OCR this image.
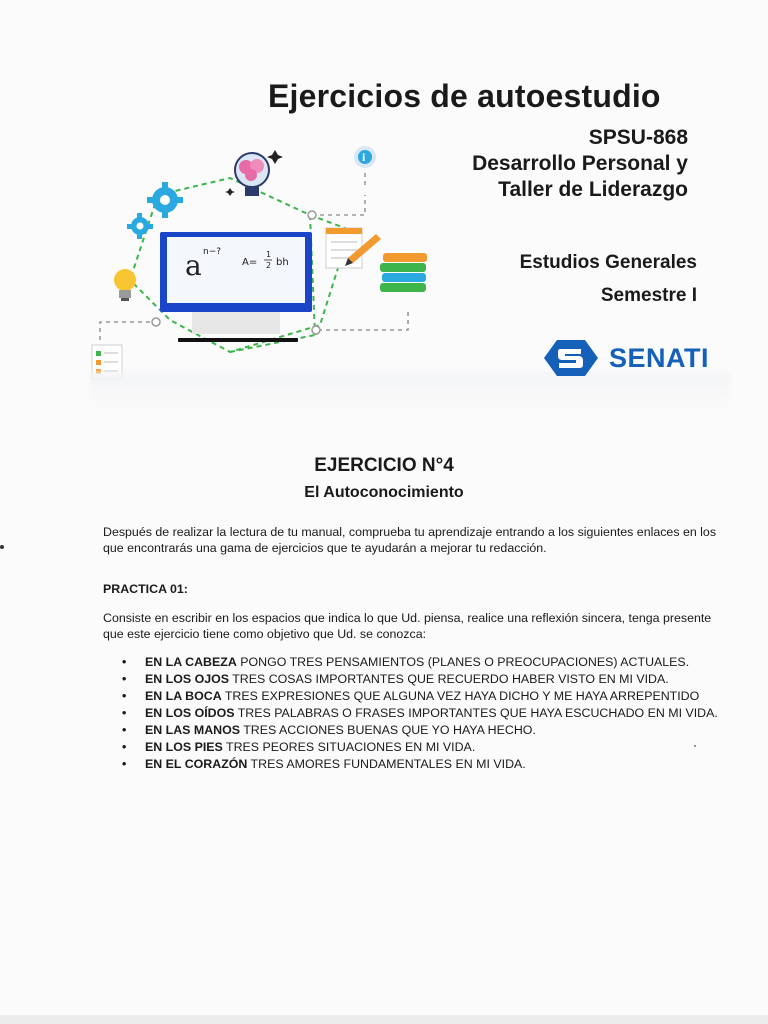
a n−?
A=
1
2 bh
i
Ejercicios de autoestudio
SPSU-868
Desarrollo Personal y
Taller de Liderazgo
Estudios Generales
Semestre I
SENATI
EJERCICIO N°4
El Autoconocimiento
Después de realizar la lectura de tu manual, comprueba tu aprendizaje entrando a los siguientes enlaces en los que encontrarás una gama de ejercicios que te ayudarán a mejorar tu redacción.
PRACTICA 01:
Consiste en escribir en los espacios que indica lo que Ud. piensa, realice una reflexión sincera, tenga presente que este ejercicio tiene como objetivo que Ud. se conozca:
• EN LA CABEZA PONGO TRES PENSAMIENTOS (PLANES O PREOCUPACIONES) ACTUALES.
• EN LOS OJOS TRES COSAS IMPORTANTES QUE RECUERDO HABER VISTO EN MI VIDA.
• EN LA BOCA TRES EXPRESIONES QUE ALGUNA VEZ HAYA DICHO Y ME HAYA ARREPENTIDO
• EN LOS OÍDOS TRES PALABRAS O FRASES IMPORTANTES QUE HAYA ESCUCHADO EN MI VIDA.
• EN LAS MANOS TRES ACCIONES BUENAS QUE YO HAYA HECHO.
• EN LOS PIES TRES PEORES SITUACIONES EN MI VIDA.
• EN EL CORAZÓN TRES AMORES FUNDAMENTALES EN MI VIDA.
